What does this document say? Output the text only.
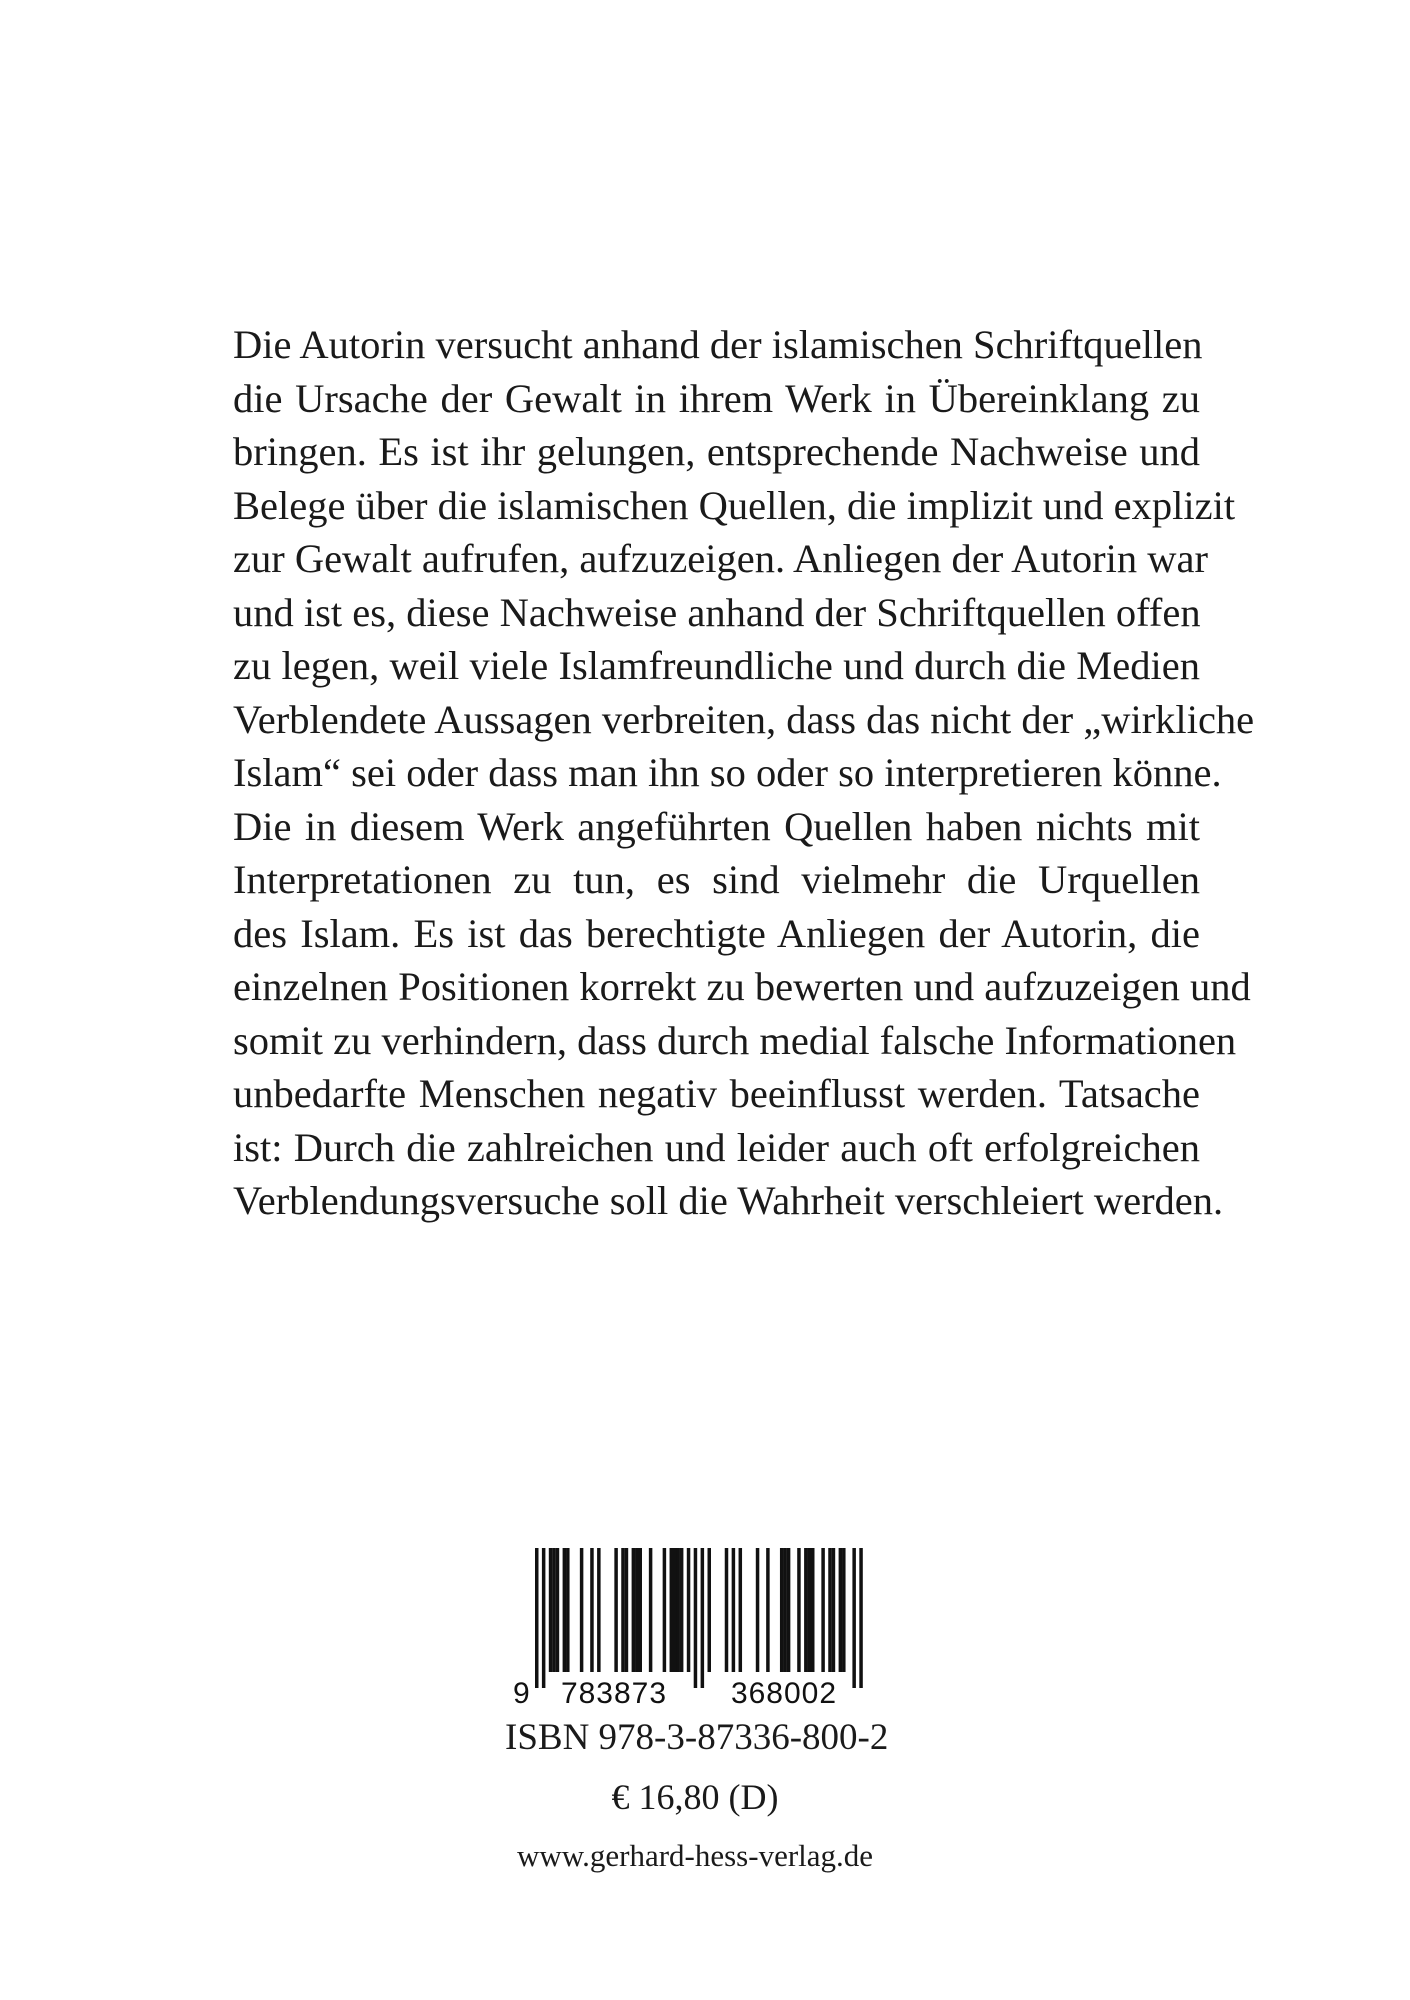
Die Autorin versucht anhand der islamischen Schriftquellen
die Ursache der Gewalt in ihrem Werk in Übereinklang zu
bringen. Es ist ihr gelungen, entsprechende Nachweise und
Belege über die islamischen Quellen, die implizit und explizit
zur Gewalt aufrufen, aufzuzeigen. Anliegen der Autorin war
und ist es, diese Nachweise anhand der Schriftquellen offen
zu legen, weil viele Islamfreundliche und durch die Medien
Verblendete Aussagen verbreiten, dass das nicht der „wirkliche
Islam“ sei oder dass man ihn so oder so interpretieren könne.
Die in diesem Werk angeführten Quellen haben nichts mit
Interpretationen zu tun, es sind vielmehr die Urquellen
des Islam. Es ist das berechtigte Anliegen der Autorin, die
einzelnen Positionen korrekt zu bewerten und aufzuzeigen und
somit zu verhindern, dass durch medial falsche Informationen
unbedarfte Menschen negativ beeinflusst werden. Tatsache
ist: Durch die zahlreichen und leider auch oft erfolgreichen
Verblendungsversuche soll die Wahrheit verschleiert werden.
9 783873 368002
ISBN 978-3-87336-800-2
€ 16,80 (D)
www.gerhard-hess-verlag.de
